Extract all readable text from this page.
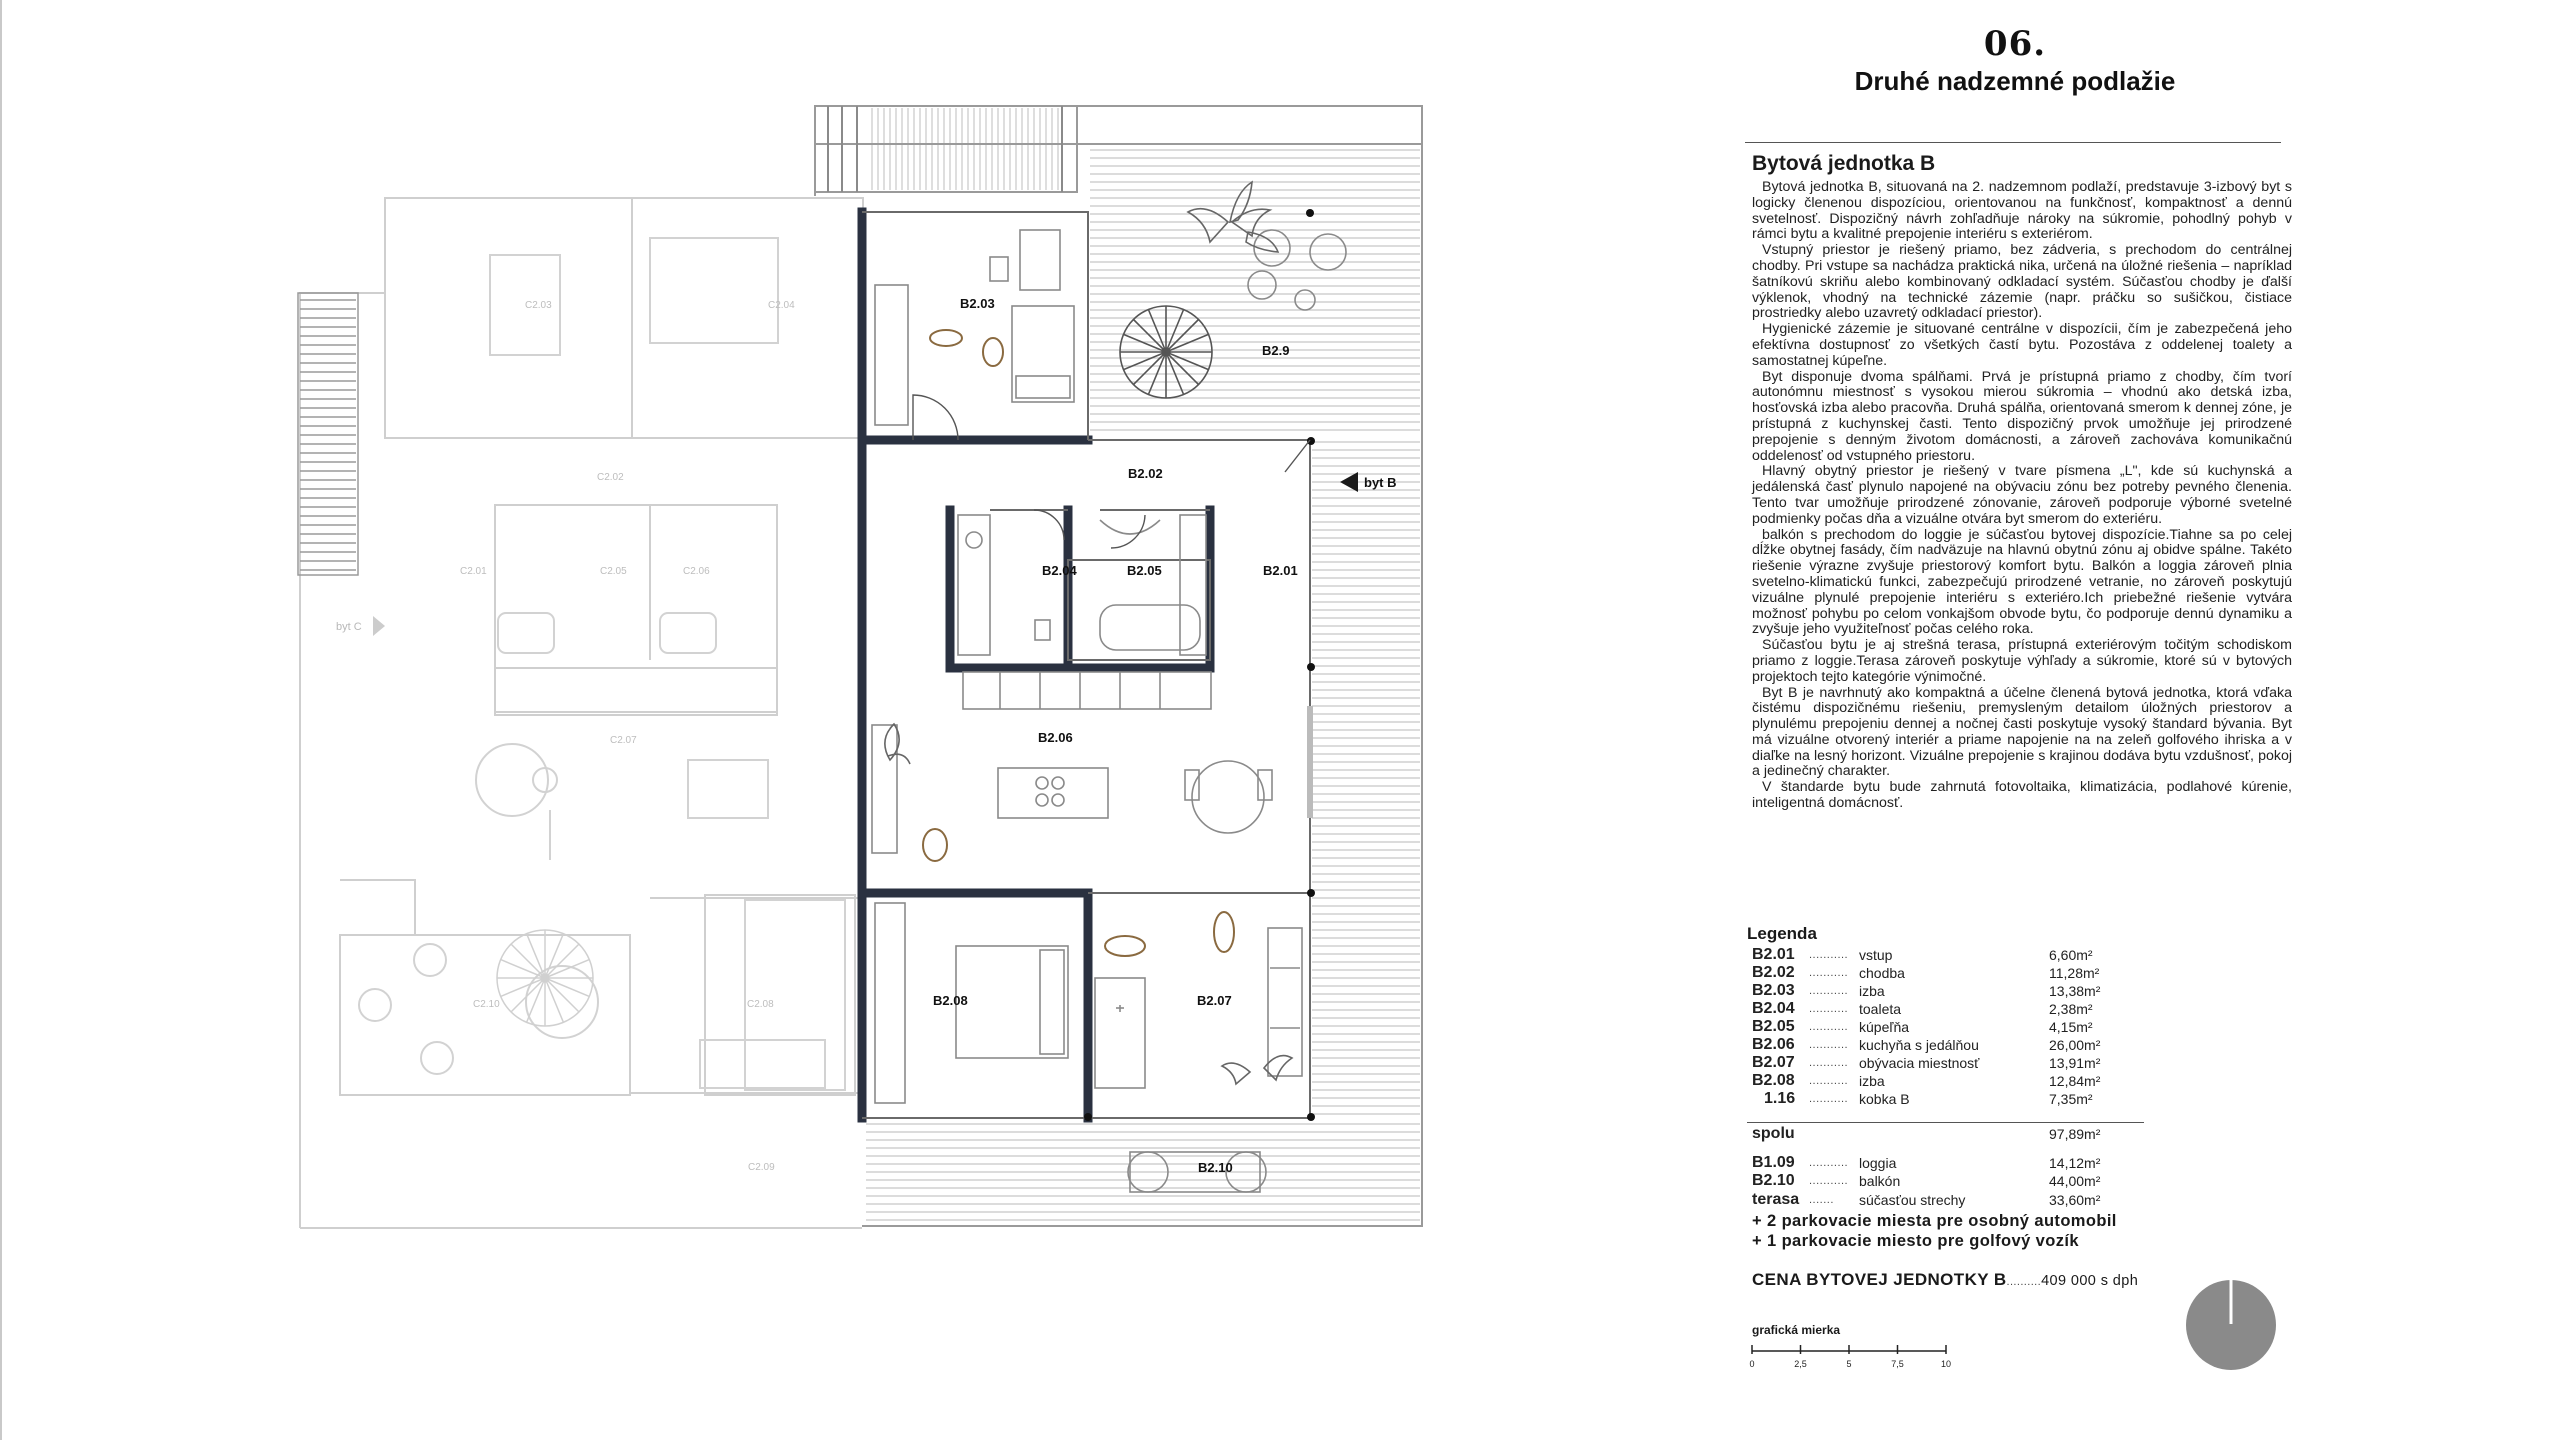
byt B
byt C
B2.03
B2.9
B2.02
B2.04	B2.05	B2.01
B2.06
B2.08	B2.07
B2.10
C2.03	C2.04
C2.02
C2.01	C2.05	C2.06
C2.07
C2.10	C2.08
C2.09
06.
Druhé nadzemné podlažie
Bytová jednotka B

Bytová jednotka B, situovaná na 2. nadzemnom podlaží, predstavuje 3-izbový byt s logicky členenou dispozíciou, orientovanou na funkčnosť, kompaktnosť a dennú svetelnosť. Dispozičný návrh zohľadňuje nároky na súkromie, pohodlný pohyb v rámci bytu a kvalitné prepojenie interiéru s exteriérom.

Vstupný priestor je riešený priamo, bez zádveria, s prechodom do centrálnej chodby. Pri vstupe sa nachádza praktická nika, určená na úložné riešenia – napríklad šatníkovú skriňu alebo kombinovaný odkladací systém. Súčasťou chodby je ďalší výklenok, vhodný na technické zázemie (napr. práčku so sušičkou, čistiace prostriedky alebo uzavretý odkladací priestor).

Hygienické zázemie je situované centrálne v dispozícii, čím je zabezpečená jeho efektívna dostupnosť zo všetkých častí bytu. Pozostáva z oddelenej toalety a samostatnej kúpeľne.

Byt disponuje dvoma spálňami. Prvá je prístupná priamo z chodby, čím tvorí autonómnu miestnosť s vysokou mierou súkromia – vhodnú ako detská izba, hosťovská izba alebo pracovňa. Druhá spálňa, orientovaná smerom k dennej zóne, je prístupná z kuchynskej časti. Tento dispozičný prvok umožňuje jej prirodzené prepojenie s denným životom domácnosti, a zároveň zachováva komunikačnú oddelenosť od vstupného priestoru.

Hlavný obytný priestor je riešený v tvare písmena „L", kde sú kuchynská a jedálenská časť plynulo napojené na obývaciu zónu bez potreby pevného členenia. Tento tvar umožňuje prirodzené zónovanie, zároveň podporuje výborné svetelné podmienky počas dňa a vizuálne otvára byt smerom do exteriéru.

balkón s prechodom do loggie je súčasťou bytovej dispozície.Tiahne sa po celej dĺžke obytnej fasády, čím nadväzuje na hlavnú obytnú zónu aj obidve spálne. Takéto riešenie výrazne zvyšuje priestorový komfort bytu. Balkón a loggia zároveň plnia svetelno-klimatickú funkci, zabezpečujú prirodzené vetranie, no zároveň poskytujú vizuálne plynulé prepojenie interiéru s exteriéro.Ich priebežné riešenie vytvára možnosť pohybu po celom vonkajšom obvode bytu, čo podporuje dennú dynamiku a zvyšuje jeho využiteľnosť počas celého roka.

Súčasťou bytu je aj strešná terasa, prístupná exteriérovým točitým schodiskom priamo z loggie.Terasa zároveň poskytuje výhľady a súkromie, ktoré sú v bytových projektoch tejto kategórie výnimočné.

Byt B je navrhnutý ako kompaktná a účelne členená bytová jednotka, ktorá vďaka čistému dispozičnému riešeniu, premysleným detailom úložných priestorov a plynulému prepojeniu dennej a nočnej časti poskytuje vysoký štandard bývania. Byt má vizuálne otvorený interiér a priame napojenie na na zeleň golfového ihriska a v diaľke na lesný horizont. Vizuálne prepojenie s krajinou dodáva bytu vzdušnosť, pokoj a jedinečný charakter.

V štandarde bytu bude zahrnutá fotovoltaika, klimatizácia, podlahové kúrenie, inteligentná domácnosť.

Legenda
B2.01	...........	vstup	6,60m²
B2.02	...........	chodba	11,28m²
B2.03	...........	izba	13,38m²
B2.04	...........	toaleta	2,38m²
B2.05	...........	kúpeľňa	4,15m²
B2.06	...........	kuchyňa s jedálňou	26,00m²
B2.07	...........	obývacia miestnosť	13,91m²
B2.08	...........	izba	12,84m²
1.16	...........	kobka B	7,35m²
spolu			97,89m²
B1.09	...........	loggia	14,12m²
B2.10	...........	balkón	44,00m²
terasa	.......	súčasťou strechy	33,60m²
+ 2 parkovacie miesta pre osobný automobil
+ 1 parkovacie miesto pre golfový vozík
CENA BYTOVEJ JEDNOTKY B..........409 000 s dph
grafická mierka
0	2,5	5	7,5	10
